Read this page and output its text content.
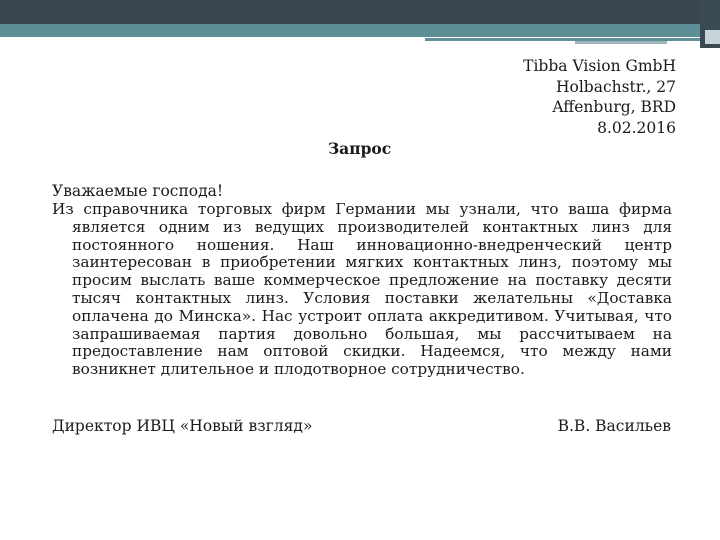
Tibba Vision GmbH
Holbachstr., 27
Affenburg, BRD
8.02.2016
Запрос
Уважаемые господа!
Из справочника торговых фирм Германии мы узнали, что ваша фирма является одним из ведущих производителей контактных линз для постоянного ношения. Наш инновационно-внедренческий центр заинтересован в приобретении мягких контактных линз, поэтому мы просим выслать ваше коммерческое предложение на поставку десяти тысяч контактных линз. Условия поставки желательны «Доставка оплачена до Минска». Нас устроит оплата аккредитивом. Учитывая, что запрашиваемая партия довольно большая, мы рассчитываем на предоставление нам оптовой скидки. Надеемся, что между нами возникнет длительное и плодотворное сотрудничество.
Директор ИВЦ «Новый взгляд»	В.В. Васильев
